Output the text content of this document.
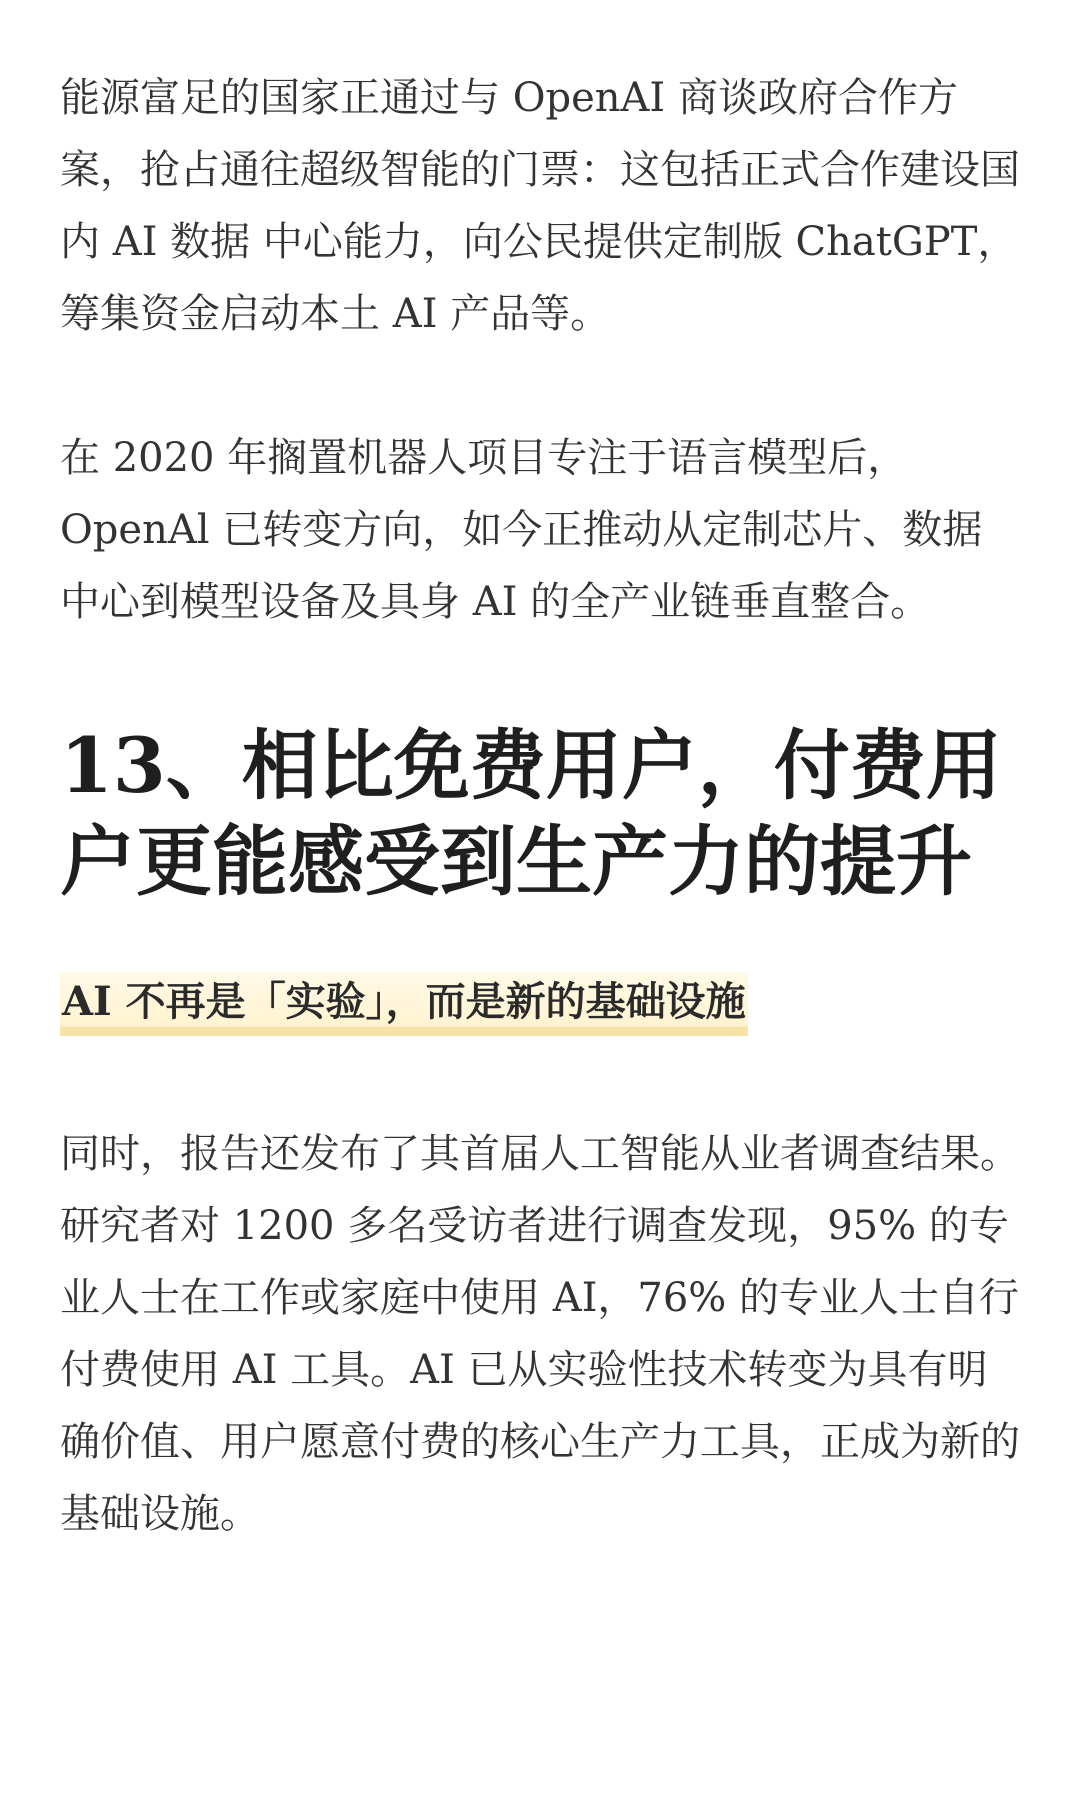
能源富足的国家正通过与 OpenAI 商谈政府合作方案，抢占通往超级智能的门票：这包括正式合作建设国内 AI 数据 中心能力，向公民提供定制版 ChatGPT，筹集资金启动本土 AI 产品等。

在 2020 年搁置机器人项目专注于语言模型后，OpenAl 已转变方向，如今正推动从定制芯片、数据中心到模型设备及具身 AI 的全产业链垂直整合。

13、相比免费用户，付费用户更能感受到生产力的提升
AI 不再是「实验」，而是新的基础设施

同时，报告还发布了其首届人工智能从业者调查结果。研究者对 1200 多名受访者进行调查发现，95% 的专业人士在工作或家庭中使用 AI，76% 的专业人士自行付费使用 AI 工具。AI 已从实验性技术转变为具有明确价值、用户愿意付费的核心生产力工具，正成为新的基础设施。
